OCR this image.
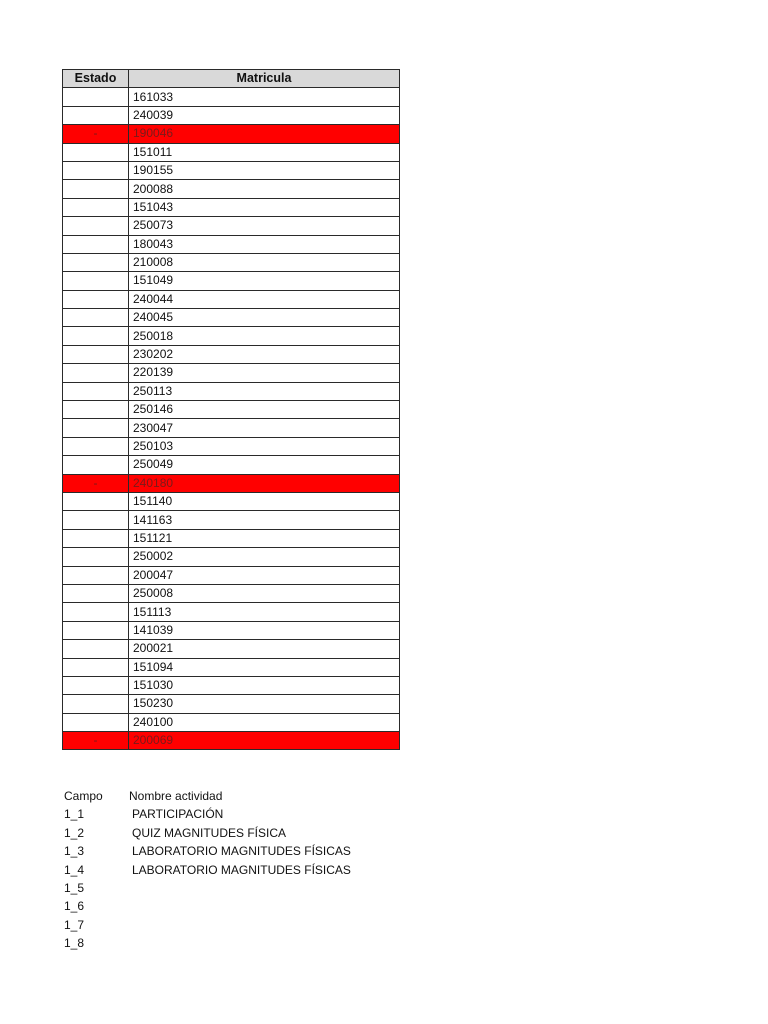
Estado	Matricula
	161033
	240039
-	190046
	151011
	190155
	200088
	151043
	250073
	180043
	210008
	151049
	240044
	240045
	250018
	230202
	220139
	250113
	250146
	230047
	250103
	250049
-	240180
	151140
	141163
	151121
	250002
	200047
	250008
	151113
	141039
	200021
	151094
	151030
	150230
	240100
-	200069
Campo	Nombre actividad
1_1	PARTICIPACIÓN
1_2	QUIZ MAGNITUDES FÍSICA
1_3	LABORATORIO MAGNITUDES FÍSICAS
1_4	LABORATORIO MAGNITUDES FÍSICAS
1_5
1_6
1_7
1_8
